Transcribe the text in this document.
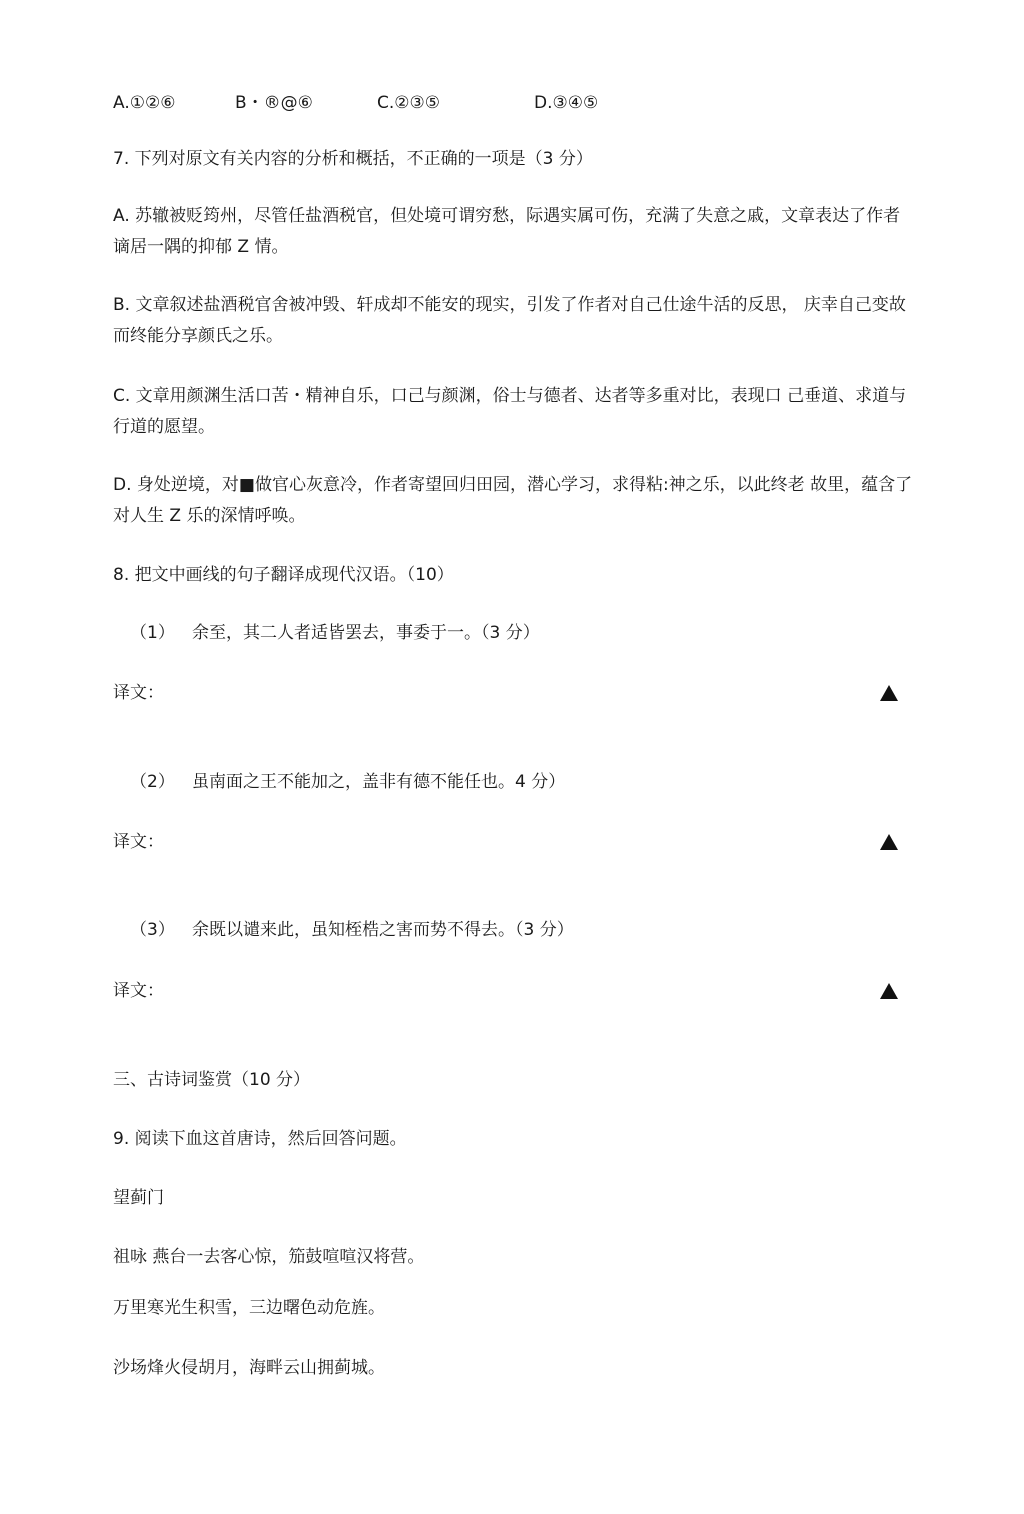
A.①②⑥	B・®@⑥	C.②③⑤	D.③④⑤
7. 下列对原文有关内容的分析和概括，不正确的一项是（3 分）
A. 苏辙被贬筠州，尽管任盐酒税官，但处境可谓穷愁，际遇实属可伤，充满了失意之戚，文章表达了作者谪居一隅的抑郁 Z 情。
B. 文章叙述盐酒税官舍被冲毁、轩成却不能安的现实，引发了作者对自己仕途牛活的反思， 庆幸自己变故而终能分享颜氏之乐。
C. 文章用颜渊生活口苦・精神自乐，口己与颜渊，俗士与德者、达者等多重对比，表现口 己垂道、求道与行道的愿望。
D. 身处逆境，对■做官心灰意冷，作者寄望回归田园，潜心学习，求得粘:神之乐，以此终老 故里，蕴含了对人生 Z 乐的深情呼唤。
8. 把文中画线的句子翻译成现代汉语。（10）
（1） 余至，其二人者适皆罢去，事委于一。（3 分）
译文：
（2） 虽南面之王不能加之，盖非有德不能任也。4 分）
译文：
（3） 余既以谴来此，虽知桎梏之害而势不得去。（3 分）
译文：
三、古诗词鉴赏（10 分）
9. 阅读下血这首唐诗，然后回答问题。
望蓟门
祖咏 燕台一去客心惊，笳鼓喧喧汉将营。
万里寒光生积雪，三边曙色动危旌。
沙场烽火侵胡月，海畔云山拥蓟城。
